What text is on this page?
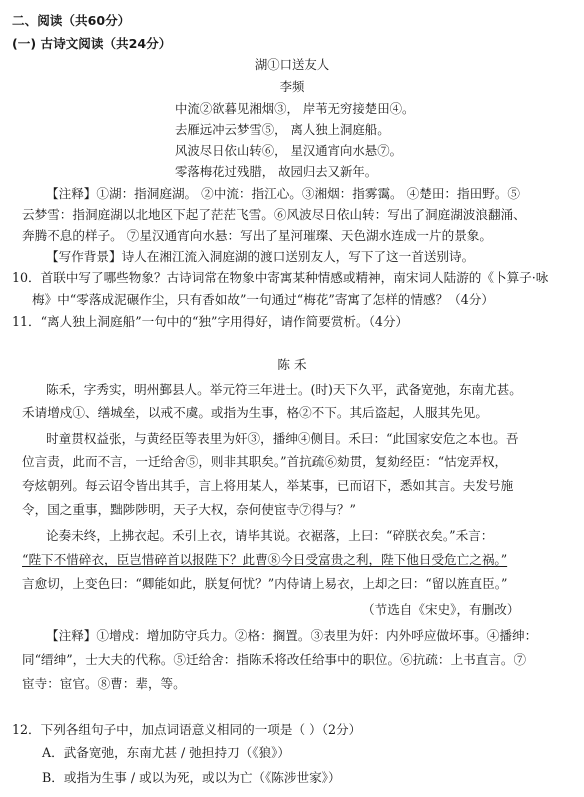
二、阅读（共60分）
(一) 古诗文阅读（共24分）
湖①口送友人
李频
中流②欲暮见湘烟③， 岸苇无穷接楚田④。
去雁远冲云梦雪⑤， 离人独上洞庭船。
风波尽日依山转⑥， 星汉通宵向水悬⑦。
零落梅花过残腊， 故园归去又新年。
【注释】①湖：指洞庭湖。 ②中流：指江心。③湘烟：指雾霭。 ④楚田：指田野。⑤
云梦雪：指洞庭湖以北地区下起了茫茫飞雪。⑥风波尽日依山转：写出了洞庭湖波浪翻涌、
奔腾不息的样子。 ⑦星汉通宵向水悬：写出了星河璀璨、天色湖水连成一片的景象。
【写作背景】诗人在湘江流入洞庭湖的渡口送别友人，写下了这一首送别诗。
10．首联中写了哪些物象？古诗词常在物象中寄寓某种情感或精神，南宋词人陆游的《卜算子·咏
梅》中“零落成泥碾作尘，只有香如故”一句通过“梅花”寄寓了怎样的情感？（4分）
11．“离人独上洞庭船”一句中的“独”字用得好，请作简要赏析。（4分）
陈 禾
陈禾，字秀实，明州鄞县人。举元符三年进士。(时)天下久平，武备宽弛，东南尤甚。
禾请增戍①、缮城垒，以戒不虞。或指为生事，格②不下。其后盗起，人服其先见。
时童贯权益张，与黄经臣等表里为奸③，播绅④侧目。禾曰：“此国家安危之本也。吾
位言责，此而不言，一迁给舍⑤，则非其职矣。”首抗疏⑥劾贯，复劾经臣：“怙宠弄权，
夸炫朝列。每云诏令皆出其手，言上将用某人，举某事，已而诏下，悉如其言。夫发号施
令，国之重事，黜陟陟明，天子大权，奈何使宦寺⑦得与？”
论奏未终，上拂衣起。禾引上衣，请毕其说。衣裾落，上曰：“碎朕衣矣。”禾言：
“陛下不惜碎衣，臣岂惜碎首以报陛下？此曹⑧今日受富贵之利，陛下他日受危亡之祸。”
言愈切，上变色曰：“卿能如此，朕复何忧？”内侍请上易衣，上却之曰：“留以旌直臣。”
（节选自《宋史》，有删改）
【注释】①增戍：增加防守兵力。②格：搁置。③表里为奸：内外呼应做坏事。④播绅：
同“缙绅”，士大夫的代称。⑤迁给舍：指陈禾将改任给事中的职位。⑥抗疏：上书直言。⑦
宦寺：宦官。⑧曹：辈，等。
12．下列各组句子中，加点词语意义相同的一项是（ ）（2分）
A．武备宽弛，东南尤甚 / 弛担持刀（《狼》）
B．或指为生事 / 或以为死，或以为亡（《陈涉世家》）
